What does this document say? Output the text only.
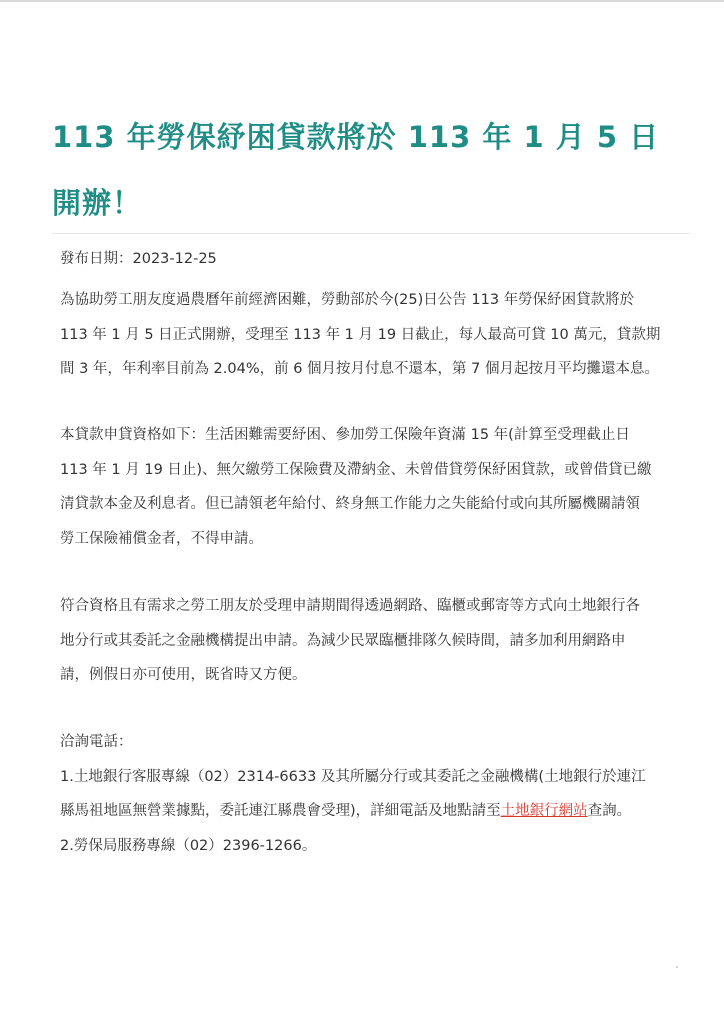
113 年勞保紓困貸款將於 113 年 1 月 5 日開辦！
發布日期：2023-12-25
為協助勞工朋友度過農曆年前經濟困難，勞動部於今(25)日公告 113 年勞保紓困貸款將於
113 年 1 月 5 日正式開辦，受理至 113 年 1 月 19 日截止，每人最高可貸 10 萬元，貸款期
間 3 年，年利率目前為 2.04%，前 6 個月按月付息不還本，第 7 個月起按月平均攤還本息。
本貸款申貸資格如下：生活困難需要紓困、參加勞工保險年資滿 15 年(計算至受理截止日
113 年 1 月 19 日止)、無欠繳勞工保險費及滯納金、未曾借貸勞保紓困貸款，或曾借貸已繳
清貸款本金及利息者。但已請領老年給付、終身無工作能力之失能給付或向其所屬機關請領
勞工保險補償金者，不得申請。
符合資格且有需求之勞工朋友於受理申請期間得透過網路、臨櫃或郵寄等方式向土地銀行各
地分行或其委託之金融機構提出申請。為減少民眾臨櫃排隊久候時間，請多加利用網路申
請，例假日亦可使用，既省時又方便。
洽詢電話：
1.土地銀行客服專線（02）2314-6633 及其所屬分行或其委託之金融機構(土地銀行於連江
縣馬祖地區無營業據點，委託連江縣農會受理)，詳細電話及地點請至土地銀行網站查詢。
2.勞保局服務專線（02）2396-1266。
